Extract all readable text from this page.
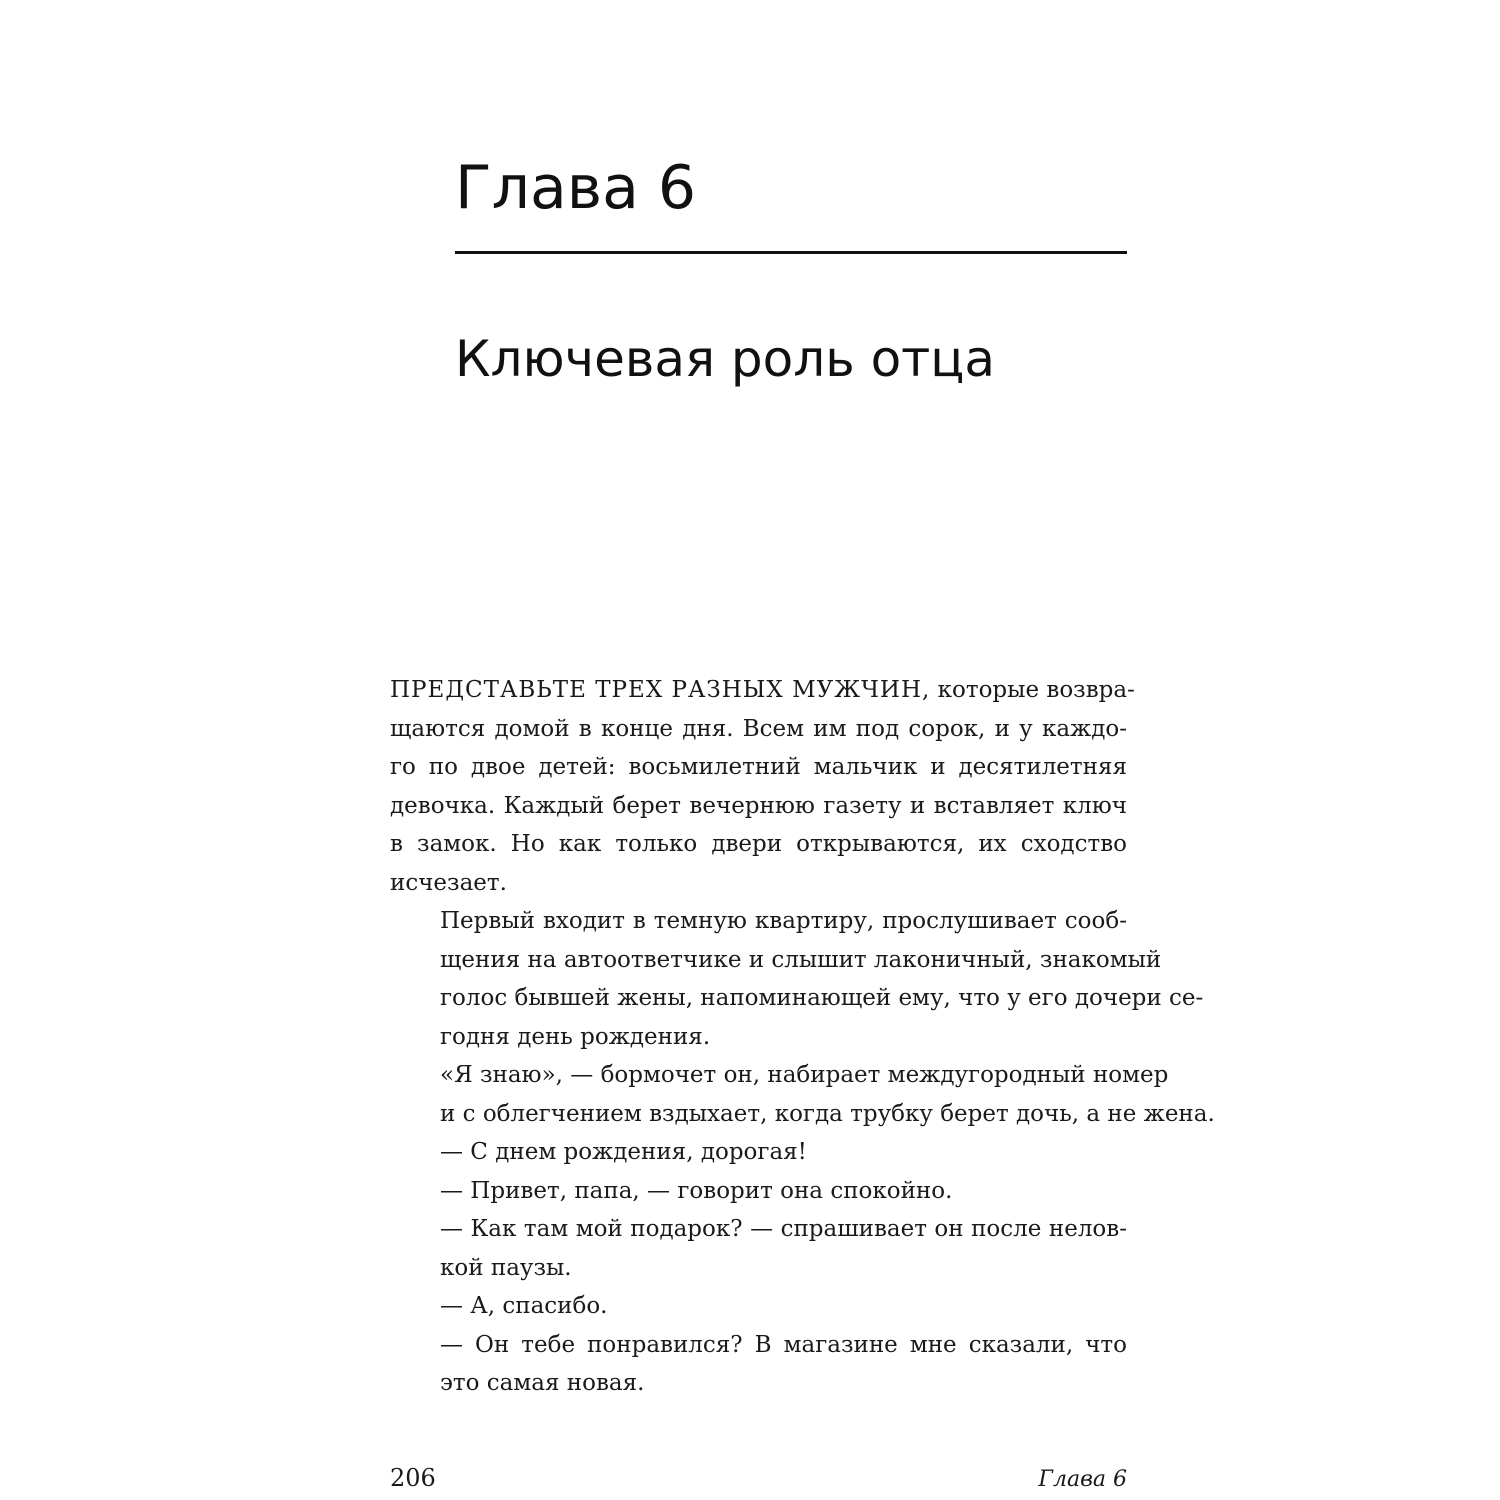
Глава 6
Ключевая роль отца

ПРЕДСТАВЬТЕ ТРЕХ РАЗНЫХ МУЖЧИН, которые возвра-
щаются домой в конце дня. Всем им под сорок, и у каждо-
го по двое детей: восьмилетний мальчик и десятилетняя
девочка. Каждый берет вечернюю газету и вставляет ключ
в замок. Но как только двери открываются, их сходство
исчезает.

Первый входит в темную квартиру, прослушивает сооб-
щения на автоответчике и слышит лаконичный, знакомый
голос бывшей жены, напоминающей ему, что у его дочери се-
годня день рождения.

«Я знаю», — бормочет он, набирает междугородный номер
и с облегчением вздыхает, когда трубку берет дочь, а не жена.

— С днем рождения, дорогая!

— Привет, папа, — говорит она спокойно.

— Как там мой подарок? — спрашивает он после нелов-
кой паузы.

— А, спасибо.

— Он тебе понравился? В магазине мне сказали, что
это самая новая.

206	Глава 6
